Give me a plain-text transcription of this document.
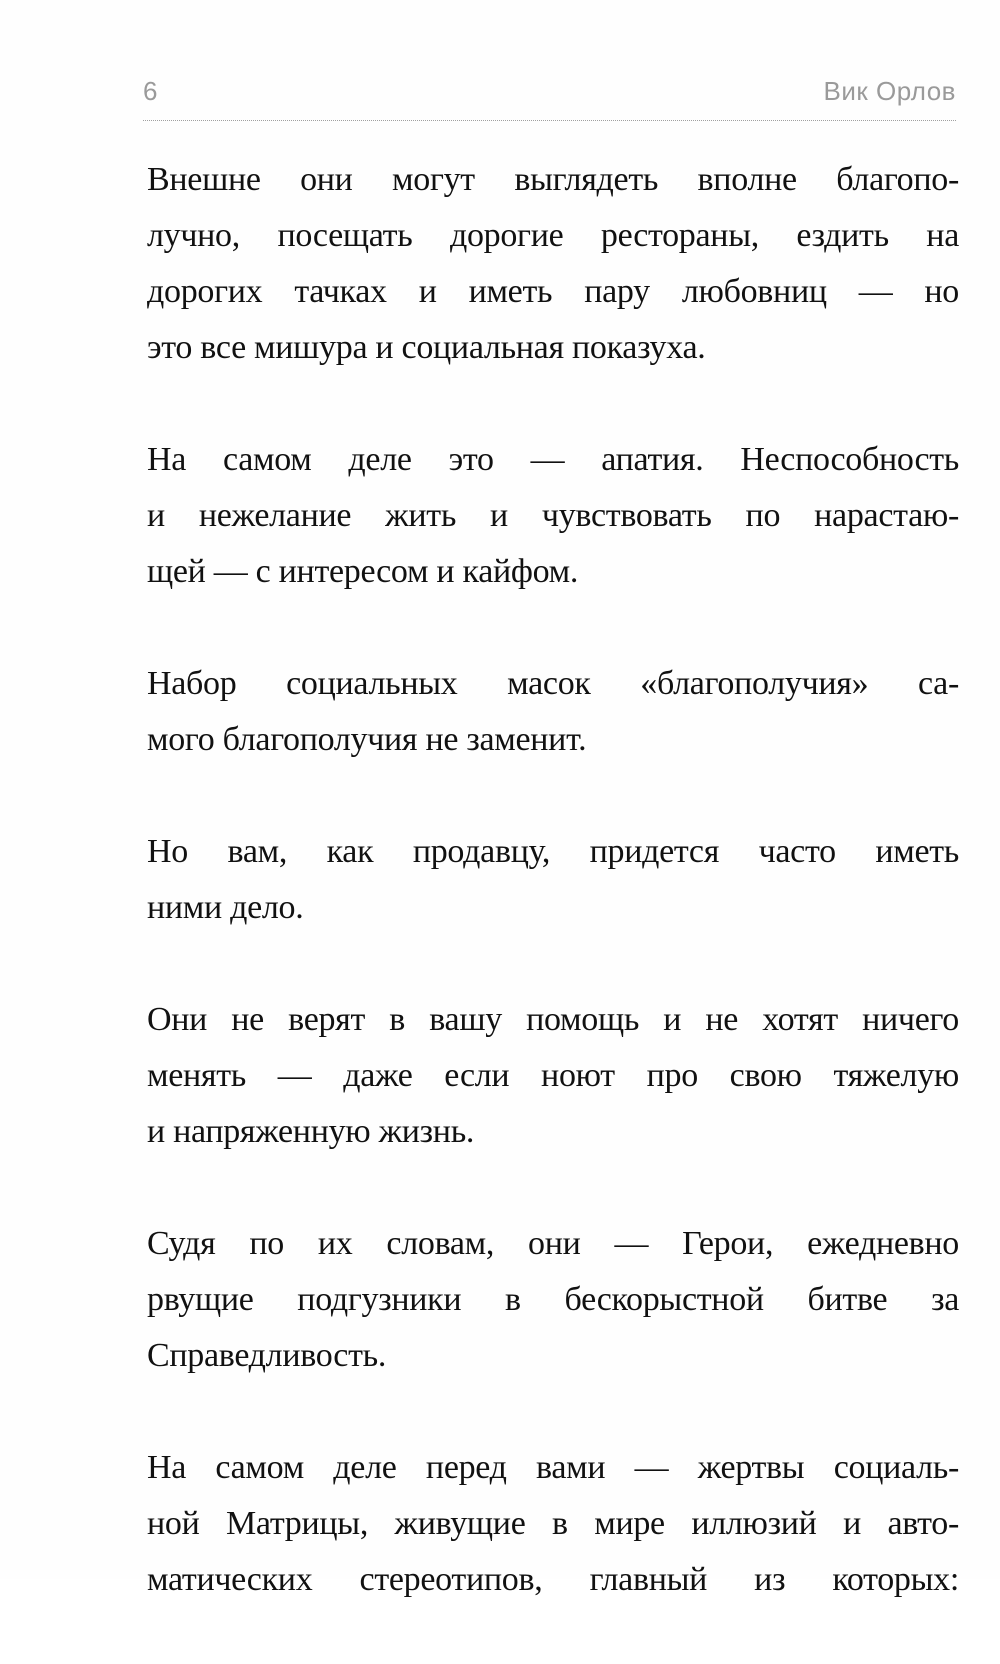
6	Вик Орлов

Внешне они могут выглядеть вполне благопо-
лучно, посещать дорогие рестораны, ездить на
дорогих тачках и иметь пару любовниц — но
это все мишура и социальная показуха.

На самом деле это — апатия. Неспособность
и нежелание жить и чувствовать по нарастаю-
щей — с интересом и кайфом.

Набор социальных масок «благополучия» са-
мого благополучия не заменит.

Но вам, как продавцу, придется часто иметь
ними дело.

Они не верят в вашу помощь и не хотят ничего
менять — даже если ноют про свою тяжелую
и напряженную жизнь.

Судя по их словам, они — Герои, ежедневно
рвущие подгузники в бескорыстной битве за
Справедливость.

На самом деле перед вами — жертвы социаль-
ной Матрицы, живущие в мире иллюзий и авто-
матических стереотипов, главный из которых:
